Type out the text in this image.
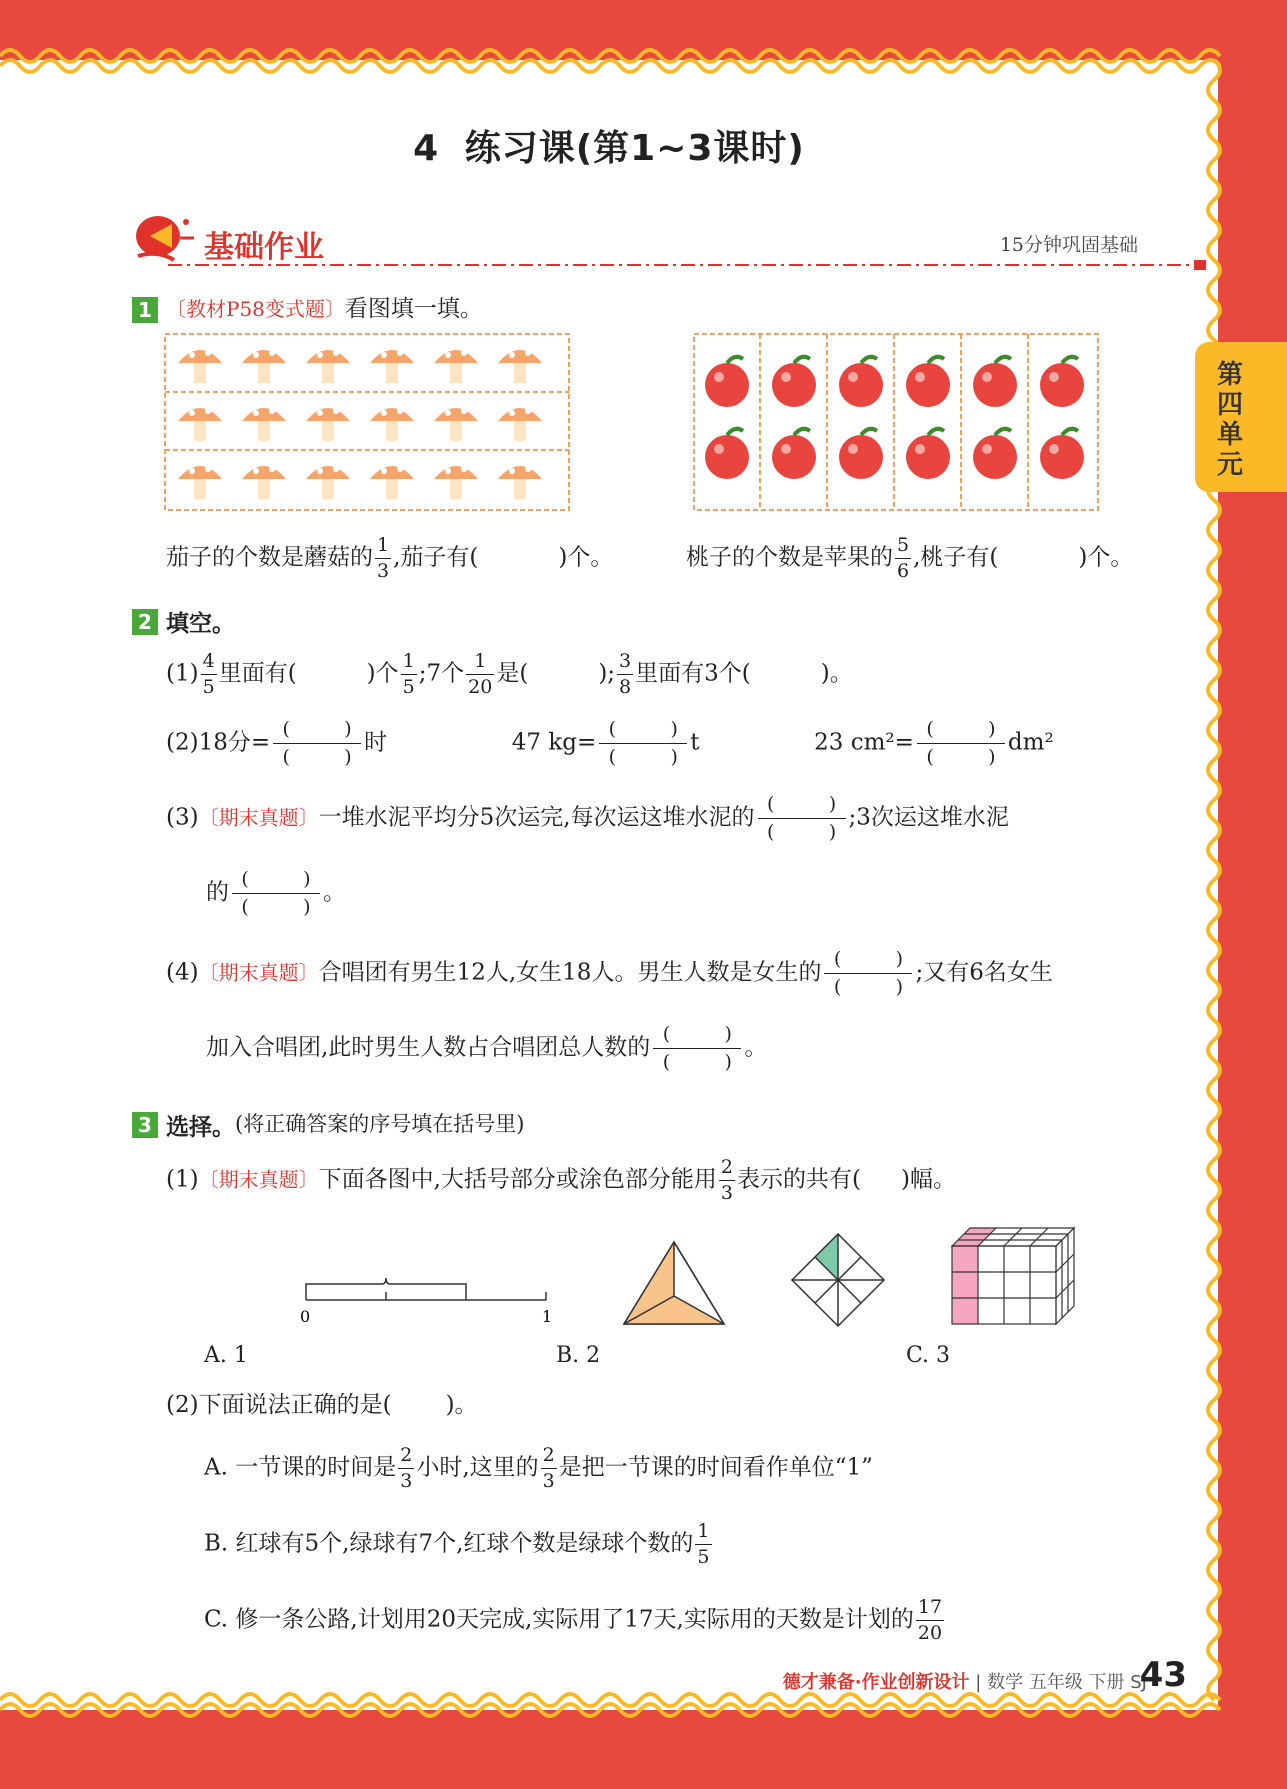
4 练习课(第1~3课时)
基础作业	15分钟巩固基础
第四单元
1 〔教材P58变式题〕看图填一填。
茄子的个数是蘑菇的 $\frac{1}{3}$ ,茄子有(	)个。	桃子的个数是苹果的 $\frac{5}{6}$ ,桃子有(	)个。
2 填空。
$(1) \frac{4}{5}$ 里面有(	)个 $\frac{1}{5}$ ;7个 $\frac{1}{20}$ 是(	); $\frac{3}{8}$ 里面有3个(	)。
(2)18分=
(         )
(         )
时	47 kg=
(         )
(         )
t	23 cm²=
(         )
(         )
dm²
(3)〔期末真题〕一堆水泥平均分5次运完,每次运这堆水泥的
(         )
(         )
;3次运这堆水泥
的
(         )
(         )
。
(4)〔期末真题〕合唱团有男生12人,女生18人。男生人数是女生的
(         )
(         )
;又有6名女生
加入合唱团,此时男生人数占合唱团总人数的
(         )
(         )
。
3 选择。(将正确答案的序号填在括号里)
(1)〔期末真题〕下面各图中,大括号部分或涂色部分能用 $\frac{2}{3}$ 表示的共有( )幅。
0	1
A. 1	B. 2	C. 3
(2)下面说法正确的是( )。
A. 一节课的时间是 $\frac{2}{3}$ 小时,这里的 $\frac{2}{3}$ 是把一节课的时间看作单位“1”
B. 红球有5个,绿球有7个,红球个数是绿球个数的 $\frac{1}{5}$
C. 修一条公路,计划用20天完成,实际用了17天,实际用的天数是计划的 $\frac{17}{20}$
德才兼备·作业创新设计 | 数学 五年级 下册 SJ
43
